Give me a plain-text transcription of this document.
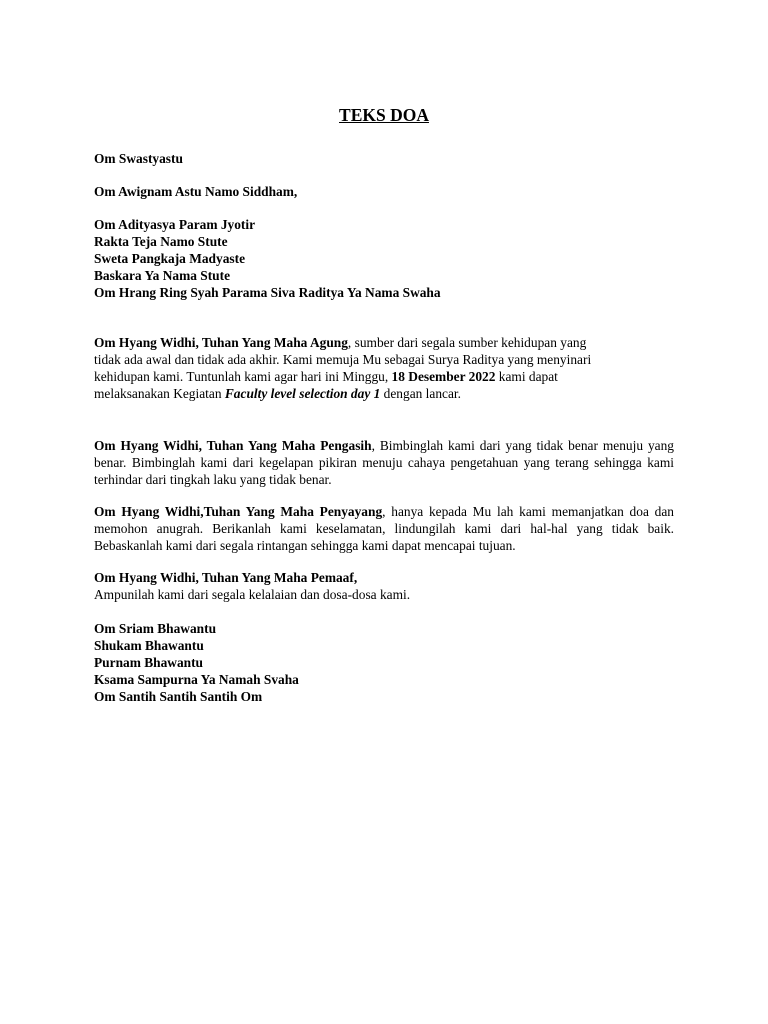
TEKS DOA
Om Swastyastu
Om Awignam Astu Namo Siddham,
Om Adityasya Param Jyotir
Rakta Teja Namo Stute
Sweta Pangkaja Madyaste
Baskara Ya Nama Stute
Om Hrang Ring Syah Parama Siva Raditya Ya Nama Swaha
Om Hyang Widhi, Tuhan Yang Maha Agung, sumber dari segala sumber kehidupan yang
tidak ada awal dan tidak ada akhir. Kami memuja Mu sebagai Surya Raditya yang menyinari
kehidupan kami. Tuntunlah kami agar hari ini Minggu, 18 Desember 2022 kami dapat
melaksanakan Kegiatan Faculty level selection day 1 dengan lancar.

Om Hyang Widhi, Tuhan Yang Maha Pengasih, Bimbinglah kami dari yang tidak benar menuju yang benar. Bimbinglah kami dari kegelapan pikiran menuju cahaya pengetahuan yang terang sehingga kami terhindar dari tingkah laku yang tidak benar.

Om Hyang Widhi,Tuhan Yang Maha Penyayang, hanya kepada Mu lah kami memanjatkan doa dan memohon anugrah. Berikanlah kami keselamatan, lindungilah kami dari hal-hal yang tidak baik. Bebaskanlah kami dari segala rintangan sehingga kami dapat mencapai tujuan.

Om Hyang Widhi, Tuhan Yang Maha Pemaaf,
Ampunilah kami dari segala kelalaian dan dosa-dosa kami.
Om Sriam Bhawantu
Shukam Bhawantu
Purnam Bhawantu
Ksama Sampurna Ya Namah Svaha
Om Santih Santih Santih Om
